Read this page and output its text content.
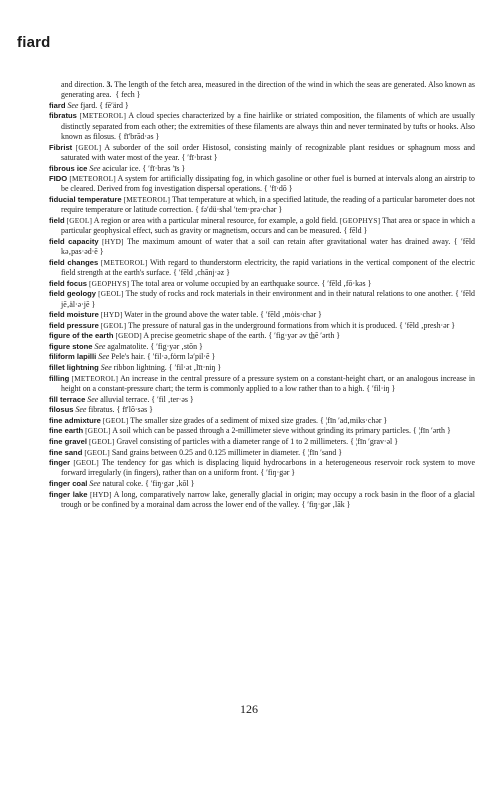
fiard

and direction. 3. The length of the fetch area, measured in the direction of the wind in which the seas are generated. Also known as generating area. { fech }

fiard See fjard. { fē′ärd }

fibratus [METEOROL] A cloud species characterized by a fine hairlike or striated composition, the filaments of which are usually distinctly separated from each other; the extremities of these filaments are always thin and never terminated by tufts or hooks. Also known as filosus. { fī′brād·əs }

Fibrist [GEOL] A suborder of the soil order Histosol, consisting mainly of recognizable plant residues or sphagnum moss and saturated with water most of the year. { ′fī·brəst }

fibrous ice See acicular ice. { ′fī·brəs ′īs }

FIDO [METEOROL] A system for artificially dissipating fog, in which gasoline or other fuel is burned at intervals along an airstrip to be cleared. Derived from fog investigation dispersal operations. { ′fī·dō }

fiducial temperature [METEOROL] That temperature at which, in a specified latitude, the reading of a particular barometer does not require temperature or latitude correction. { fə′dü·shəl ′tem·prə·chər }

field [GEOL] A region or area with a particular mineral resource, for example, a gold field. [GEOPHYS] That area or space in which a particular geophysical effect, such as gravity or magnetism, occurs and can be measured. { fēld }

field capacity [HYD] The maximum amount of water that a soil can retain after gravitational water has drained away. { ′fēld kə‚pas·əd·ē }

field changes [METEOROL] With regard to thunderstorm electricity, the rapid variations in the vertical component of the electric field strength at the earth's surface. { ′fēld ‚chānj·əz }

field focus [GEOPHYS] The total area or volume occupied by an earthquake source. { ′fēld ‚fō·kəs }

field geology [GEOL] The study of rocks and rock materials in their environment and in their natural relations to one another. { ′fēld jē‚äl·ə·jē }

field moisture [HYD] Water in the ground above the water table. { ′fēld ‚mȯis·chər }

field pressure [GEOL] The pressure of natural gas in the underground formations from which it is produced. { ′fēld ‚presh·ər }

figure of the earth [GEOD] A precise geometric shape of the earth. { ′fig·yər əv t͟hē ′ərth }

figure stone See agalmatolite. { ′fig·yər ‚stōn }

filiform lapilli See Pele's hair. { ′fil·ə‚fȯrm lə′pil·ē }

fillet lightning See ribbon lightning. { ′fil·ət ‚līt·niŋ }

filling [METEOROL] An increase in the central pressure of a pressure system on a constant-height chart, or an analogous increase in height on a constant-pressure chart; the term is commonly applied to a low rather than to a high. { ′fil·iŋ }

fill terrace See alluvial terrace. { ′fil ‚ter·əs }

filosus See fibratus. { fī′lō·səs }

fine admixture [GEOL] The smaller size grades of a sediment of mixed size grades. { ¦fīn ′ad‚miks·chər }

fine earth [GEOL] A soil which can be passed through a 2-millimeter sieve without grinding its primary particles. { ¦fīn ′ərth }

fine gravel [GEOL] Gravel consisting of particles with a diameter range of 1 to 2 millimeters. { ¦fīn ′grav·əl }

fine sand [GEOL] Sand grains between 0.25 and 0.125 millimeter in diameter. { ¦fīn ′sand }

finger [GEOL] The tendency for gas which is displacing liquid hydrocarbons in a heterogeneous reservoir rock system to move forward irregularly (in fingers), rather than on a uniform front. { ′fiŋ·gər }

finger coal See natural coke. { ′fiŋ·gər ‚kōl }

finger lake [HYD] A long, comparatively narrow lake, generally glacial in origin; may occupy a rock basin in the floor of a glacial trough or be confined by a morainal dam across the lower end of the valley. { ′fiŋ·gər ‚lāk }

126
